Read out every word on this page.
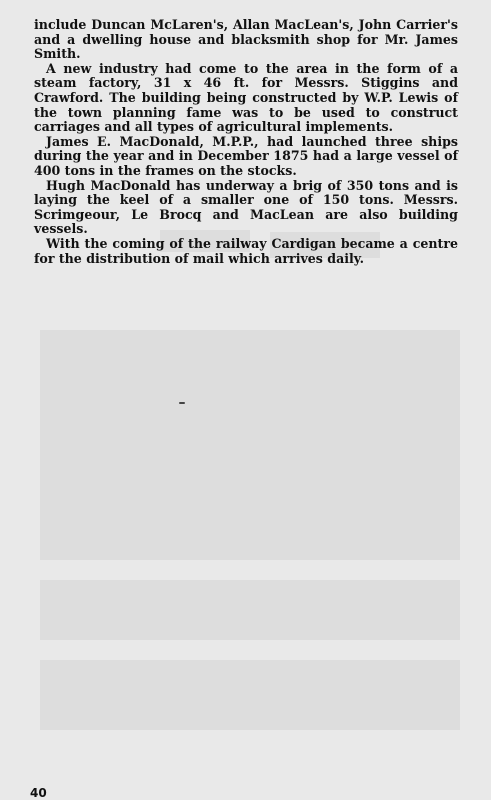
include Duncan McLaren's, Allan MacLean's, John Carrier's and a dwelling house and blacksmith shop for Mr. James Smith.

A new industry had come to the area in the form of a steam factory, 31 x 46 ft. for Messrs. Stiggins and Crawford. The building being constructed by W.P. Lewis of the town planning fame was to be used to construct carriages and all types of agricultural implements.

James E. MacDonald, M.P.P., had launched three ships during the year and in December 1875 had a large vessel of 400 tons in the frames on the stocks.

Hugh MacDonald has underway a brig of 350 tons and is laying the keel of a smaller one of 150 tons. Messrs. Scrimgeour, Le Brocq and MacLean are also building vessels.

With the coming of the railway Cardigan became a centre for the distribution of mail which arrives daily.

40
